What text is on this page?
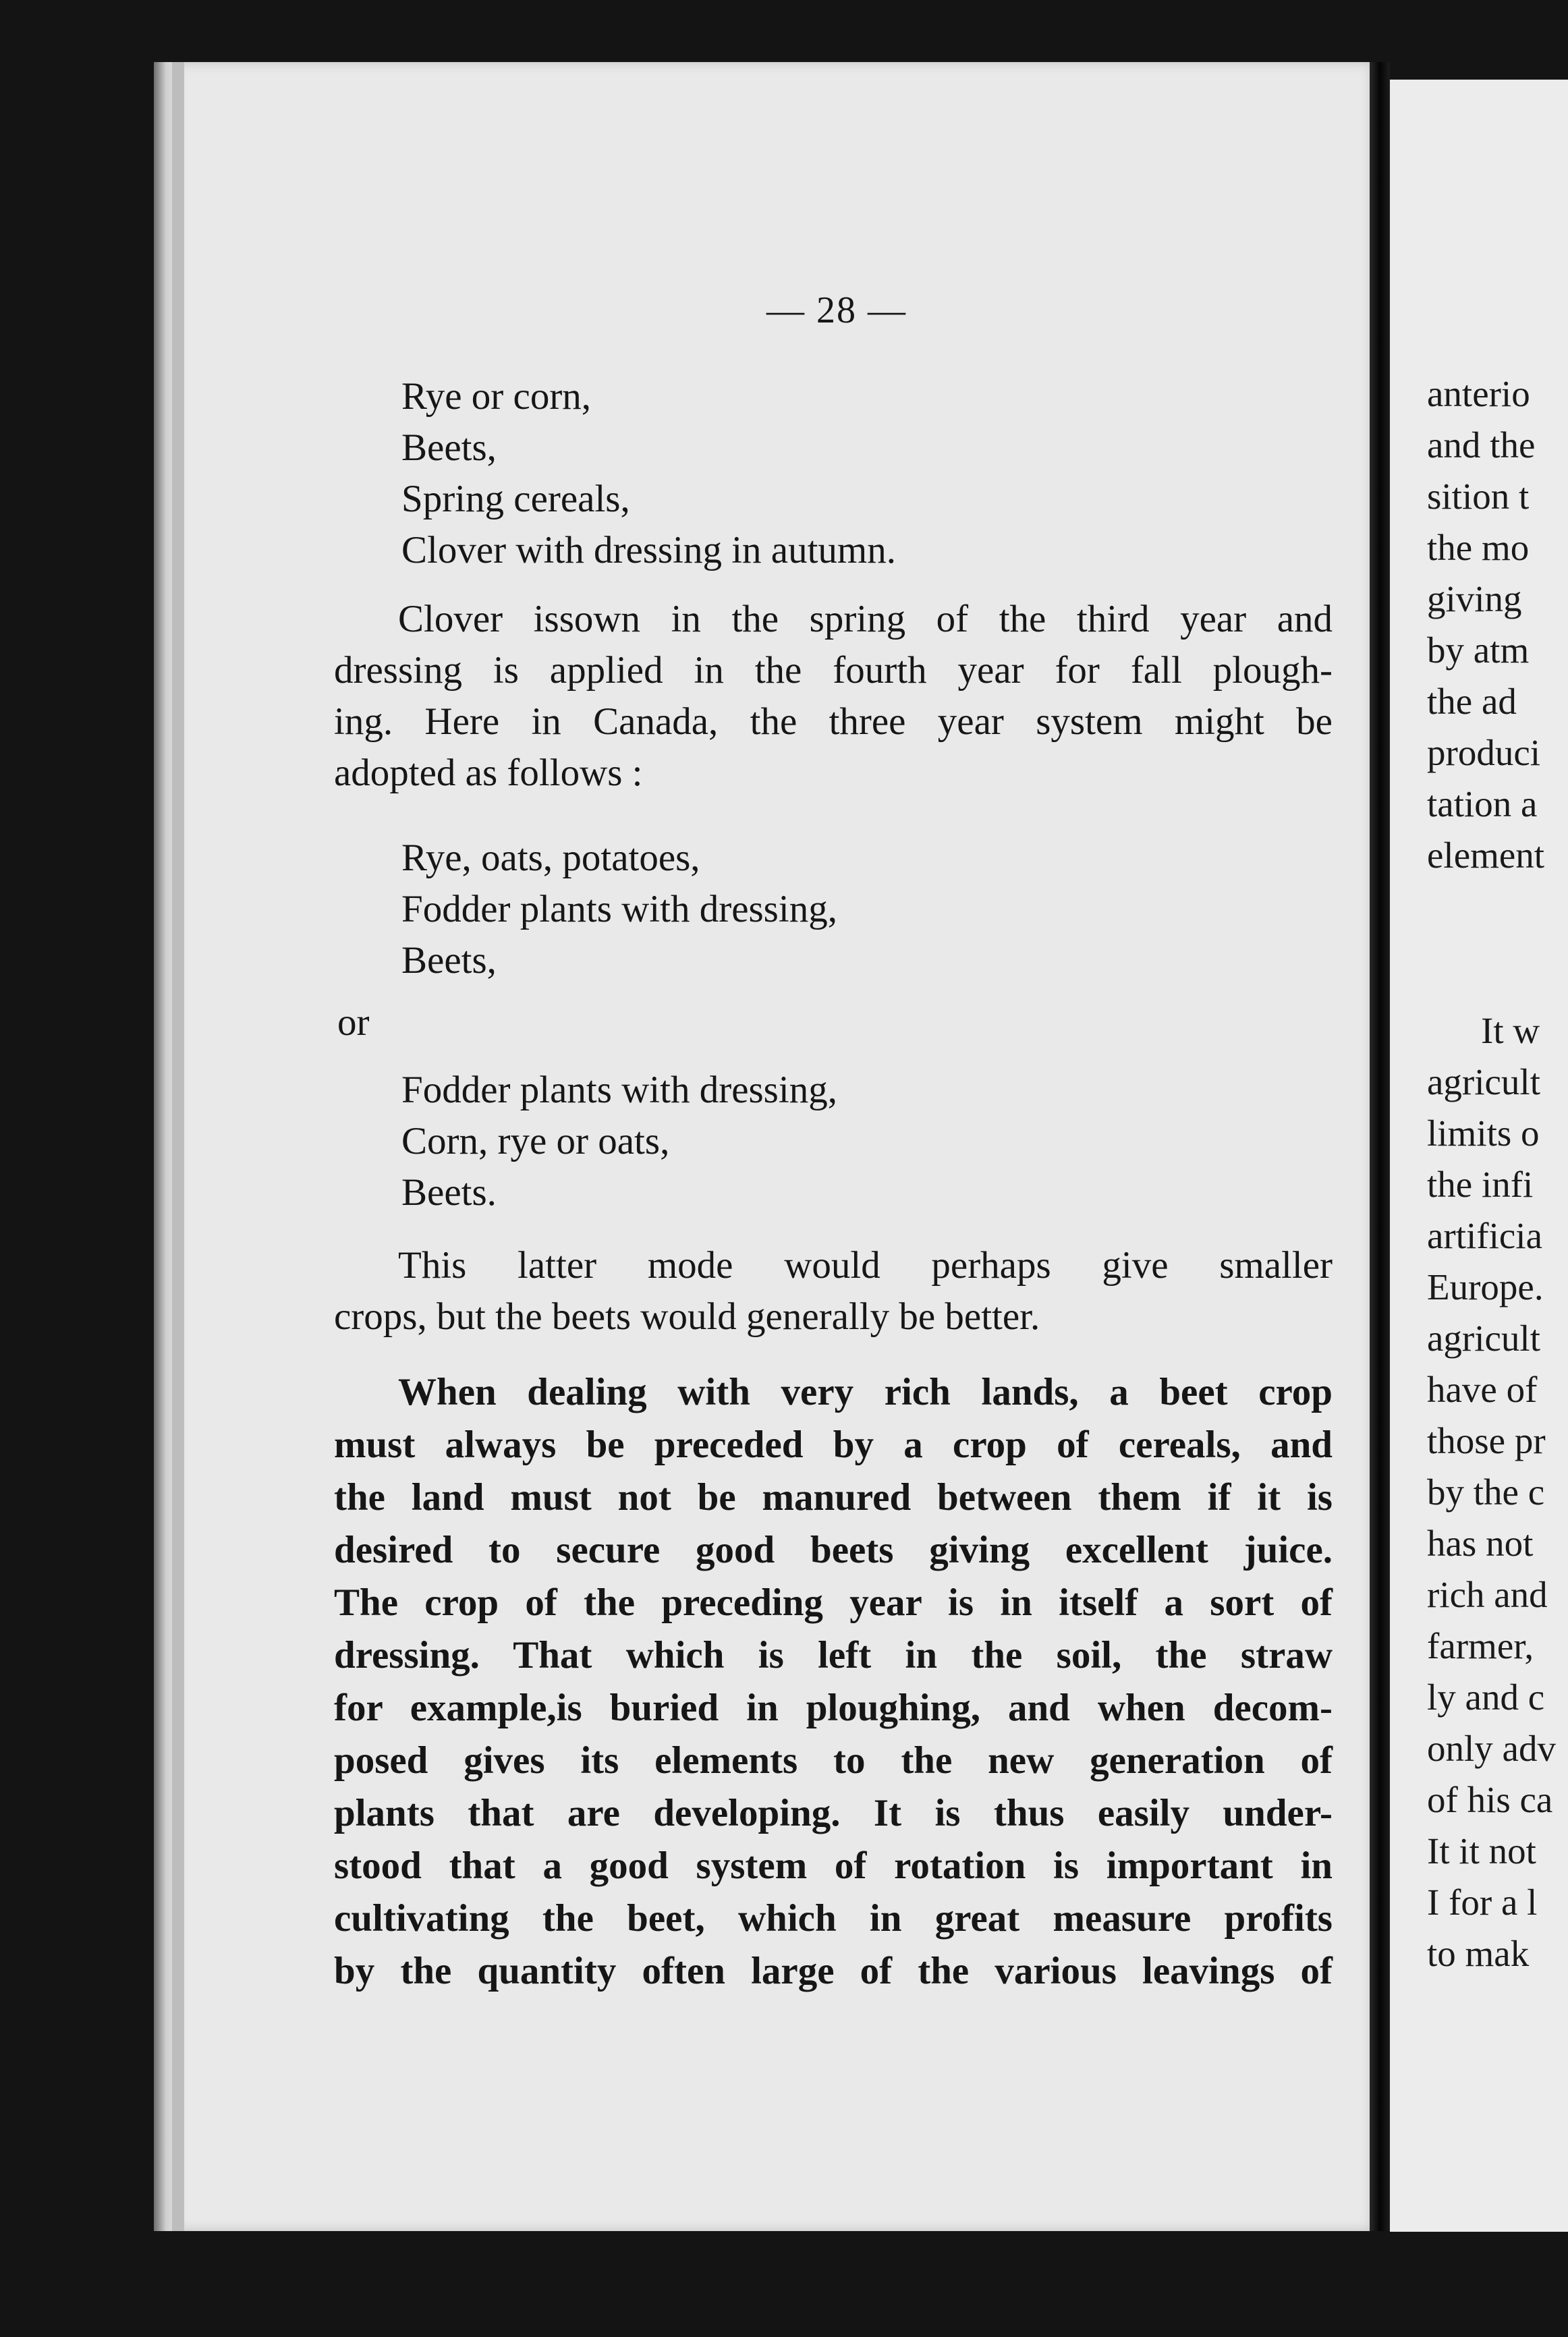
— 28 —
Rye or corn,
Beets,
Spring cereals,
Clover with dressing in autumn.
Clover issown in the spring of the third year and
dressing is applied in the fourth year for fall plough-
ing. Here in Canada, the three year system might be
adopted as follows :
Rye, oats, potatoes,
Fodder plants with dressing,
Beets,
or
Fodder plants with dressing,
Corn, rye or oats,
Beets.
This latter mode would perhaps give smaller
crops, but the beets would generally be better.
When dealing with very rich lands, a beet crop
must always be preceded by a crop of cereals, and
the land must not be manured between them if it is
desired to secure good beets giving excellent juice.
The crop of the preceding year is in itself a sort of
dressing. That which is left in the soil, the straw
for example,is buried in ploughing, and when decom-
posed gives its elements to the new generation of
plants that are developing. It is thus easily under-
stood that a good system of rotation is important in
cultivating the beet, which in great measure profits
by the quantity often large of the various leavings of
anterio
and the
sition t
the mo
giving
by atm
the ad
produci
tation a
element
It w
agricult
limits o
the infi
artificia
Europe.
agricult
have of
those pr
by the c
has not
rich and
farmer,
ly and c
only adv
of his ca
It it not
I for a l
to mak
